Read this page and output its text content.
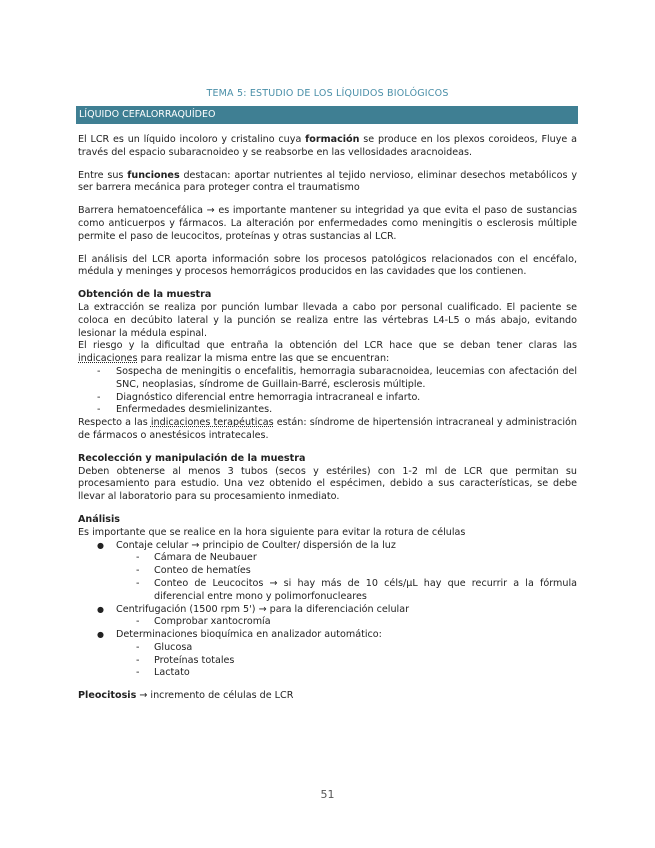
TEMA 5: ESTUDIO DE LOS LÍQUIDOS BIOLÓGICOS
LÍQUIDO CEFALORRAQUÍDEO

El LCR es un líquido incoloro y cristalino cuya formación se produce en los plexos coroideos, Fluye a través del espacio subaracnoideo y se reabsorbe en las vellosidades aracnoideas.

Entre sus funciones destacan: aportar nutrientes al tejido nervioso, eliminar desechos metabólicos y ser barrera mecánica para proteger contra el traumatismo

Barrera hematoencefálica → es importante mantener su integridad ya que evita el paso de sustancias como anticuerpos y fármacos. La alteración por enfermedades como meningitis o esclerosis múltiple permite el paso de leucocitos, proteínas y otras sustancias al LCR.

El análisis del LCR aporta información sobre los procesos patológicos relacionados con el encéfalo, médula y meninges y procesos hemorrágicos producidos en las cavidades que los contienen.

Obtención de la muestra

La extracción se realiza por punción lumbar llevada a cabo por personal cualificado. El paciente se coloca en decúbito lateral y la punción se realiza entre las vértebras L4-L5 o más abajo, evitando lesionar la médula espinal.

El riesgo y la dificultad que entraña la obtención del LCR hace que se deban tener claras las indicaciones para realizar la misma entre las que se encuentran:

- Sospecha de meningitis o encefalitis, hemorragia subaracnoidea, leucemias con afectación del SNC, neoplasias, síndrome de Guillain-Barré, esclerosis múltiple.
- Diagnóstico diferencial entre hemorragia intracraneal e infarto.
- Enfermedades desmielinizantes.

Respecto a las indicaciones terapéuticas están: síndrome de hipertensión intracraneal y administración de fármacos o anestésicos intratecales.

Recolección y manipulación de la muestra

Deben obtenerse al menos 3 tubos (secos y estériles) con 1-2 ml de LCR que permitan su procesamiento para estudio. Una vez obtenido el espécimen, debido a sus características, se debe llevar al laboratorio para su procesamiento inmediato.

Análisis

Es importante que se realice en la hora siguiente para evitar la rotura de células

● Contaje celular → principio de Coulter/ dispersión de la luz
- Cámara de Neubauer
- Conteo de hematíes
- Conteo de Leucocitos → si hay más de 10 céls/μL hay que recurrir a la fórmula diferencial entre mono y polimorfonucleares
● Centrifugación (1500 rpm 5') → para la diferenciación celular
- Comprobar xantocromía
● Determinaciones bioquímica en analizador automático:
- Glucosa
- Proteínas totales
- Lactato

Pleocitosis → incremento de células de LCR

51
